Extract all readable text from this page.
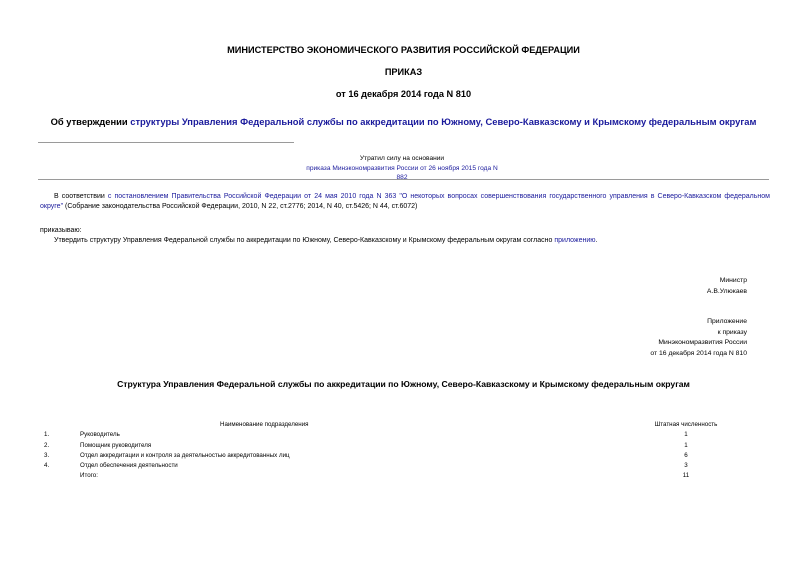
МИНИСТЕРСТВО ЭКОНОМИЧЕСКОГО РАЗВИТИЯ РОССИЙСКОЙ ФЕДЕРАЦИИ
ПРИКАЗ
от 16 декабря 2014 года N 810
Об утверждении структуры Управления Федеральной службы по аккредитации по Южному, Северо-Кавказскому и Крымскому федеральным округам
Утратил силу на основании
приказа Минэкономразвития России от 26 ноября 2015 года N 882
В соответствии с постановлением Правительства Российской Федерации от 24 мая 2010 года N 363 "О некоторых вопросах совершенствования государственного управления в Северо-Кавказском федеральном округе" (Собрание законодательства Российской Федерации, 2010, N 22, ст.2776; 2014, N 40, ст.5426; N 44, ст.6072)
приказываю:
Утвердить структуру Управления Федеральной службы по аккредитации по Южному, Северо-Кавказскому и Крымскому федеральным округам согласно приложению.
Министр
А.В.Улюкаев
Приложение
к приказу
Минэкономразвития России
от 16 декабря 2014 года N 810
Структура Управления Федеральной службы по аккредитации по Южному, Северо-Кавказскому и Крымскому федеральным округам
	Наименование подразделения	Штатная численность
1.	Руководитель	1
2.	Помощник руководителя	1
3.	Отдел аккредитации и контроля за деятельностью аккредитованных лиц	6
4.	Отдел обеспечения деятельности	3
	Итого:	11
